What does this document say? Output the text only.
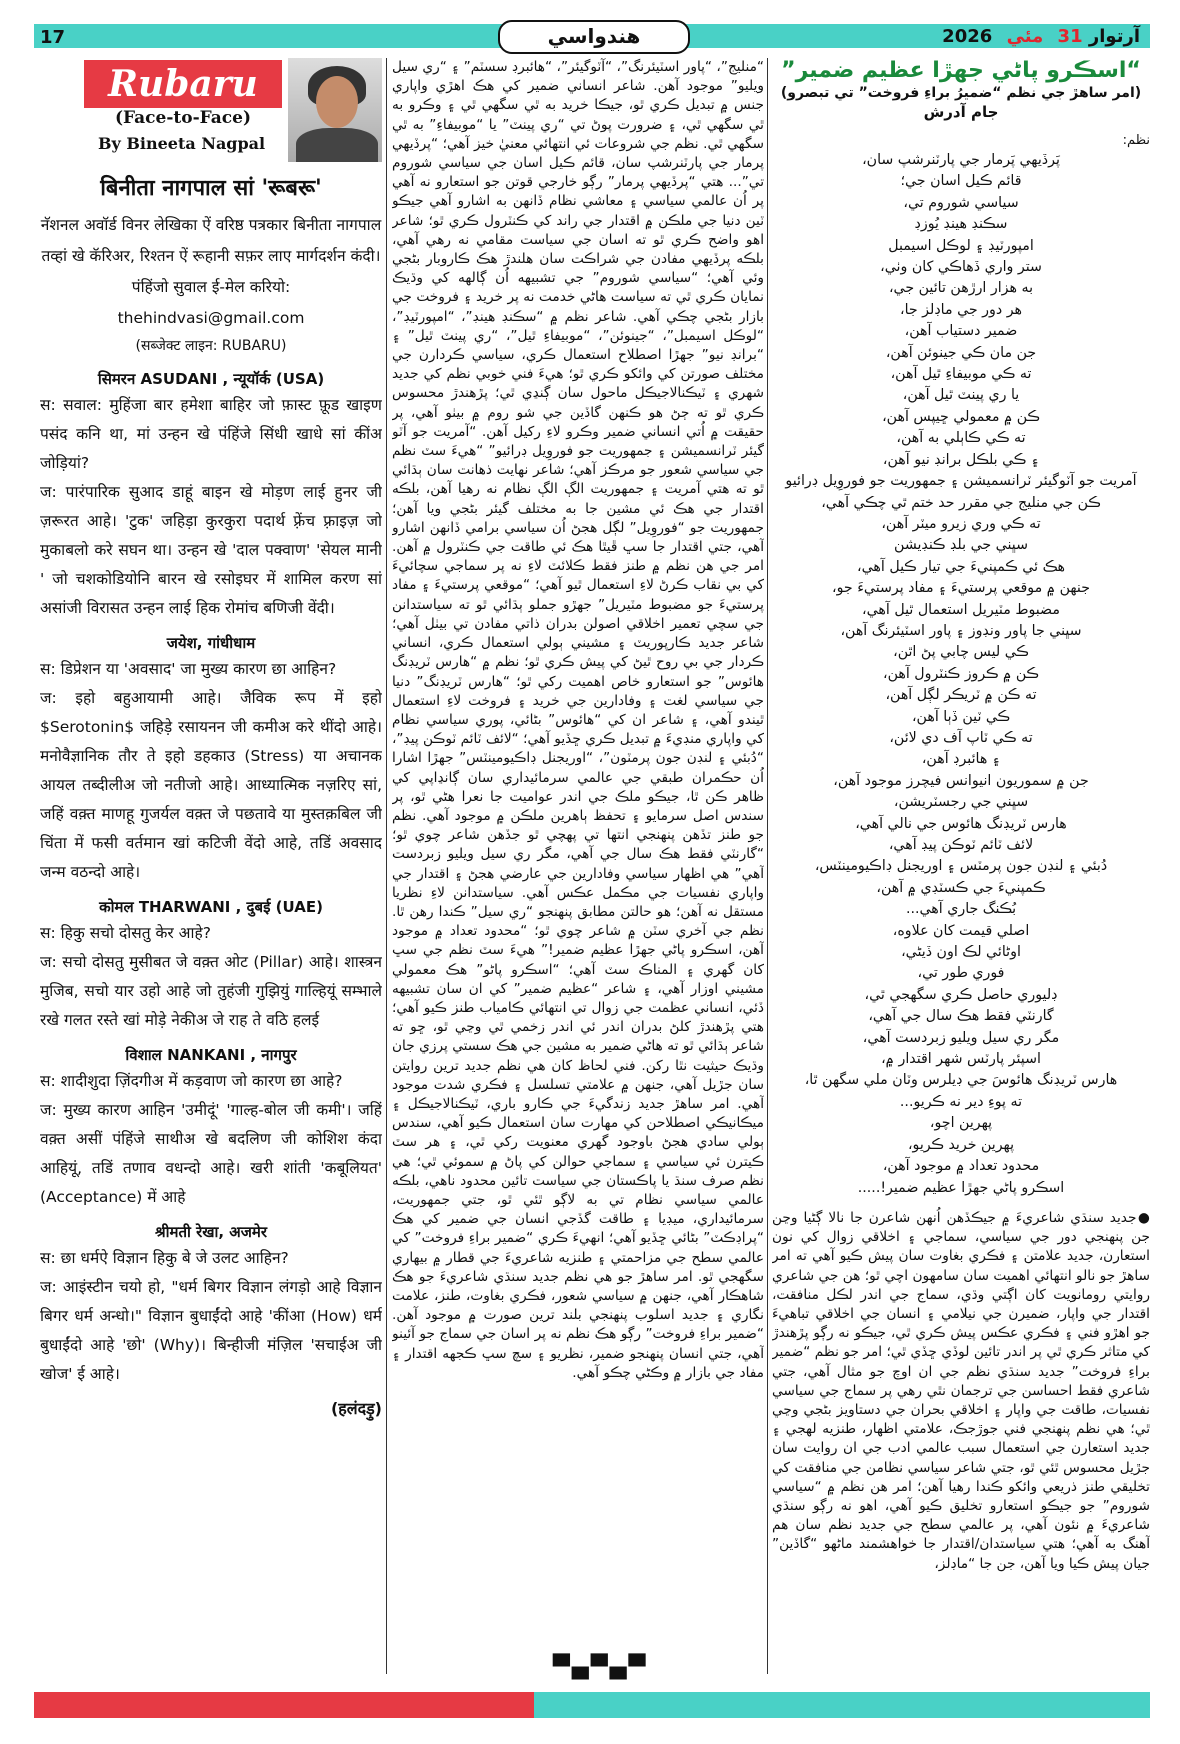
17	هندواسي	آرتوار 31 مئي 2026
Rubaru
(Face-to-Face)
By Bineeta Nagpal
बिनीता नागपाल सां 'रूबरू'

नॅशनल अवॉर्ड विनर लेखिका ऐं वरिष्ठ पत्रकार बिनीता नागपाल तव्हां खे कॅरिअर, रिश्तन ऐं रूहानी सफ़र लाए मार्गदर्शन कंदी। पंहिंजो सुवाल ई-मेल करियो: thehindvasi@gmail.com

(सब्जेक्ट लाइन: RUBARU)

सिमरन ASUDANI , न्यूयॉर्क (USA)

स: सवाल: मुहिंजा बार हमेशा बाहिर जो फ़ास्ट फ़ूड खाइण पसंद कनि था, मां उन्हन खे पंहिंजे सिंधी खाधे सां कींअ जोड़ियां?

ज: पारंपारिक सुआद डाहूं बाइन खे मोड़ण लाई हुनर जी ज़रूरत आहे। 'टुक' जहिड़ा कुरकुरा पदार्थ फ़्रेंच फ़्राइज़ जो मुकाबलो करे सघन था। उन्हन खे 'दाल पक्वाण' 'सेयल मानी ' जो चशकोडियोनि बारन खे रसोइघर में शामिल करण सां असांजी विरासत उन्हन लाई हिक रोमांच बणिजी वेंदी।

जयेश, गांधीधाम

स: डिप्रेशन या 'अवसाद' जा मुख्य कारण छा आहिन?

ज: इहो बहुआयामी आहे। जैविक रूप में इहो $Serotonin$ जहिड़े रसायनन जी कमीअ करे थींदो आहे। मनोवैज्ञानिक तौर ते इहो डहकाउ (Stress) या अचानक आयल तब्दीलीअ जो नतीजो आहे। आध्यात्मिक नज़रिए सां, जहिं वक़्त माणहू गुजर्यल वक़्त जे पछतावे या मुस्तक़बिल जी चिंता में फसी वर्तमान खां कटिजी वेंदो आहे, तडिं अवसाद जन्म वठन्दो आहे।

कोमल THARWANI , दुबई (UAE)

स: हिकु सचो दोसतु केर आहे?

ज: सचो दोसतु मुसीबत जे वक़्त ओट (Pillar) आहे। शास्त्रन मुजिब, सचो यार उहो आहे जो तुहंजी गुझियुं गाल्हियूं सम्भाले रखे गलत रस्ते खां मोड़े नेकीअ जे राह ते वठि हलई

विशाल NANKANI , नागपुर

स: शादीशुदा ज़िंदगीअ में कड़वाण जो कारण छा आहे?

ज: मुख्य कारण आहिन 'उमीदूं' 'गाल्ह-बोल जी कमी'। जहिं वक़्त असीं पंहिंजे साथीअ खे बदलिण जी कोशिश कंदा आहियूं, तडिं तणाव वधन्दो आहे। खरी शांती 'कबूलियत' (Acceptance) में आहे

श्रीमती रेखा, अजमेर

स: छा धर्मऐ विज्ञान हिकु बे जे उलट आहिन?

ज: आइंस्टीन चयो हो, "धर्म बिगर विज्ञान लंगड़ो आहे विज्ञान बिगर धर्म अन्धो।" विज्ञान बुधाईंदो आहे 'कींआ (How) धर्म बुधाईंदो आहे 'छो' (Why)। बिन्हीजी मंज़िल 'सचाईअ जी खोज' ई आहे।

(हलंदड़ु)

“منليج”، “پاور اسٽيئرنگ”، “آٽوگيئر”، “هائبرڊ سسٽم” ۽ “ري سيل ويليو” موجود آهن. شاعر انساني ضمير کي هڪ اهڙي واپاري جنس ۾ تبديل ڪري ٿو، جيڪا خريد به ٿي سگهي ٿي ۽ وڪرو به ٿي سگهي ٿي، ۽ ضرورت پوڻ تي “ري پينٽ” يا “موبيفاءِ” به ٿي سگهي ٿي. نظم جي شروعات ئي انتهائي معنيٰ خيز آهي؛ “پرڏيهي پرمار جي پارٽنرشپ سان، قائم ڪيل اسان جي سياسي شوروم تي”... هتي “پرڏيهي پرمار” رڳو خارجي قوتن جو استعارو نه آهي پر اُن عالمي سياسي ۽ معاشي نظام ڏانهن به اشارو آهي جيڪو ٽين دنيا جي ملڪن ۾ اقتدار جي راند کي ڪنٽرول ڪري ٿو؛ شاعر اهو واضح ڪري ٿو ته اسان جي سياست مقامي نه رهي آهي، بلڪه پرڏيهي مفادن جي شراڪت سان هلندڙ هڪ ڪاروبار بڻجي وئي آهي؛ “سياسي شوروم” جي تشبيهه اُن ڳالهه کي وڌيڪ نمايان ڪري ٿي ته سياست هاڻي خدمت نه پر خريد ۽ فروخت جي بازار بڻجي چڪي آهي. شاعر نظم ۾ “سڪنڊ هينڊ”، “امپورٽيڊ”، “لوڪل اسيمبل”، “جينوئن”، “موبيفاءِ ٿيل”، “ري پينٽ ٿيل” ۽ “برانڊ نيو” جهڙا اصطلاح استعمال ڪري، سياسي ڪردارن جي مختلف صورتن کي وائکو ڪري ٿو؛ هيءَ فني خوبي نظم کي جديد شهري ۽ ٽيڪنالاجيڪل ماحول سان ڳنڍي ٿي؛ پڙهندڙ محسوس ڪري ٿو ته ڄڻ هو ڪنهن گاڏين جي شو روم ۾ بيٺو آهي، پر حقيقت ۾ اُتي انساني ضمير وڪرو لاءِ رکيل آهن. “آمريت جو آٽو گيئر ٽرانسميشن ۽ جمهوريت جو فوروِيل ڊرائيو” “هيءَ سٽ نظم جي سياسي شعور جو مرڪز آهي؛ شاعر نهايت ذهانت سان ٻڌائي ٿو ته هتي آمريت ۽ جمهوريت الڳ الڳ نظام نه رهيا آهن، بلڪه اقتدار جي هڪ ئي مشين جا به مختلف گيئر بڻجي ويا آهن؛ جمهوريت جو “فوروِيل” لڳل هجڻ اُن سياسي برامي ڏانهن اشارو آهي، جتي اقتدار جا سڀ ڦيٿا هڪ ئي طاقت جي ڪنٽرول ۾ آهن. امر جي هن نظم ۾ طنز فقط ڪلائٽ لاءِ نه پر سماجي سچائيءَ کي بي نقاب ڪرڻ لاءِ استعمال ٿيو آهي؛ “موقعي پرستيءَ ۽ مفاد پرستيءَ جو مضبوط مٽيريل” جهڙو جملو ٻڌائي ٿو ته سياستدانن جي سچي تعمير اخلاقي اصولن بدران ذاتي مفادن تي بيٺل آهي؛ شاعر جديد ڪارپوريٽ ۽ مشيني ٻولي استعمال ڪري، انساني ڪردار جي بي روح ٿيڻ کي پيش ڪري ٿو؛ نظم ۾ “هارس ٽريڊنگ هائوس” جو استعارو خاص اهميت رکي ٿو؛ “هارس ٽريڊنگ” دنيا جي سياسي لغت ۽ وفادارين جي خريد ۽ فروخت لاءِ استعمال ٿيندو آهي، ۽ شاعر ان کي “هائوس” بڻائي، پوري سياسي نظام کي واپاري منڊيءَ ۾ تبديل ڪري ڇڏيو آهي؛ “لائف ٽائم ٽوڪن پيڊ”، “دُبئي ۽ لنڊن جون پرمٽون”، “اوريجنل ڊاڪيومينٽس” جهڙا اشارا اُن حڪمران طبقي جي عالمي سرمائيداري سان ڳانڍاپي کي ظاهر ڪن ٿا، جيڪو ملڪ جي اندر عواميت جا نعرا هڻي ٿو، پر سندس اصل سرمايو ۽ تحفظ ٻاهرين ملڪن ۾ موجود آهي. نظم جو طنز تڏهن پنهنجي انتها تي پهچي ٿو جڏهن شاعر چوي ٿو؛ “گارنٽي فقط هڪ سال جي آهي، مگر ري سيل ويليو زبردست آهي” هي اظهار سياسي وفادارين جي عارضي هجڻ ۽ اقتدار جي واپاري نفسيات جي مڪمل عڪس آهي. سياستدانن لاءِ نظريا مستقل نه آهن؛ هو حالتن مطابق پنهنجو “ري سيل” ڪندا رهن ٿا. نظم جي آخري سٽن ۾ شاعر چوي ٿو؛ “محدود تعداد ۾ موجود آهن، اسڪرو پاڻي جهڙا عظيم ضمير!” هيءَ سٽ نظم جي سڀ کان گهري ۽ المناڪ سٽ آهي؛ “اسڪرو پاڻو” هڪ معمولي مشيني اوزار آهي، ۽ شاعر “عظيم ضمير” کي ان سان تشبيهه ڏئي، انساني عظمت جي زوال تي انتهائي ڪامياب طنز ڪيو آهي؛ هتي پڙهندڙ کلڻ بدران اندر ئي اندر زخمي ٿي وڃي ٿو، ڇو ته شاعر ٻڌائي ٿو ته هاڻي ضمير به مشين جي هڪ سستي پرزي جان وڌيڪ حيثيت نٿا رکن. فني لحاظ کان هي نظم جديد ترين روايتن سان جڙيل آهي، جنهن ۾ علامتي تسلسل ۽ فڪري شدت موجود آهي. امر ساهڙ جديد زندگيءَ جي ڪارو باري، ٽيڪنالاجيڪل ۽ ميڪانيڪي اصطلاحن کي مهارت سان استعمال ڪيو آهي، سندس ٻولي سادي هجڻ باوجود گهري معنويت رکي ٿي، ۽ هر سٽ ڪيترن ئي سياسي ۽ سماجي حوالن کي پاڻ ۾ سموئي ٿي؛ هي نظم صرف سنڌ يا پاڪستان جي سياست تائين محدود ناهي، بلڪه عالمي سياسي نظام تي به لاڳو ٿئي ٿو، جتي جمهوريت، سرمائيداري، ميڊيا ۽ طاقت گڏجي انسان جي ضمير کي هڪ “پراڊڪٽ” بڻائي ڇڏيو آهي؛ انهيءَ ڪري “ضمير براءِ فروخت” کي عالمي سطح جي مزاحمتي ۽ طنزيه شاعريءَ جي قطار ۾ بيهاري سگهجي ٿو. امر ساهڙ جو هي نظم جديد سنڌي شاعريءَ جو هڪ شاهڪار آهي، جنهن ۾ سياسي شعور، فڪري بغاوت، طنز، علامت نگاري ۽ جديد اسلوب پنهنجي بلند ترين صورت ۾ موجود آهن. “ضمير براءِ فروخت” رڳو هڪ نظم نه پر اسان جي سماج جو آئينو آهي، جتي انسان پنهنجو ضمير، نظريو ۽ سچ سڀ ڪجهه اقتدار ۽ مفاد جي بازار ۾ وڪڻي چڪو آهي.

“اسڪرو پاڻي جهڙا عظيم ضمير”

(امر ساهڙ جي نظم “ضميرُ براءِ فروخت” تي تبصرو)

جام آدرش

نظم:

پَرڏيهي پَرمار جي پارٽنرشپ سان،
قائم ڪيل اسان جي؛
سياسي شوروم تي،
سڪنڊ هينڊ يُوزڊ
امپورٽيڊ ۽ لوڪل اسيمبل
ستر واري ڏهاڪي کان وٺي،
به هزار ارڙهن تائين جي،
هر دور جي ماڊلز جا،
ضمير دستياب آهن،
جن مان ڪي جينوئن آهن،
ته ڪي موبيفاءِ ٿيل آهن،
يا ري پينٽ ٿيل آهن،
ڪن ۾ معمولي ڇيپس آهن،
ته ڪي ڪاٻلي به آهن،
۽ ڪي بلڪل برانڊ نيو آهن،
آمريت جو آٽوگيئر ٽرانسميشن ۽ جمهوريت جو فوروِيل ڊرائيو
ڪن جي منليج جي مقرر حد ختم ٿي چڪي آهي،
ته ڪي وري زيرو ميٽر آهن،
سڀني جي بلڊ ڪنڊيشن
هڪ ئي ڪمپنيءَ جي تيار ڪيل آهي،
جنهن ۾ موقعي پرستيءَ ۽ مفاد پرستيءَ جو،
مضبوط مٽيريل استعمال ٿيل آهي،
سڀني جا پاور ونڊوز ۽ پاور اسٽيئرنگ آهن،
ڪي ليس چابي پڻ اٿن،
ڪن ۾ ڪروز ڪنٽرول آهن،
ته ڪن ۾ ٽريڪر لڳل آهن،
ڪي ٽين ڏٻا آهن،
ته ڪي ٽاپ آف دي لائن،
۽ هائبرڊ آهن،
جن ۾ سموريون انيوانس فيچرز موجود آهن،
سڀني جي رجسٽريشن،
هارس ٽريڊنگ هائوس جي نالي آهي،
لائف ٽائم ٽوڪن پيڊ آهي،
دُبئي ۽ لنڊن جون پرمٽس ۽ اوريجنل ڊاڪيومينٽس،
ڪمپنيءَ جي ڪسٽڊي ۾ آهن،
بُڪنگ جاري آهي...
اصلي قيمت کان علاوه،
اوڻائي لڪ اون ڏيڻي،
فوري طور تي،
ڊليوري حاصل ڪري سگهجي ٿي،
گارنٽي فقط هڪ سال جي آهي،
مگر ري سيل ويليو زبردست آهي،
اسپئر پارٽس شهر اقتدار ۾،
هارس ٽريڊنگ هائوسَ جي ڊيلرس وٽان ملي سگهن ٿا،
ته پوءِ دير نه ڪريو...
پهرين اچو،
پهرين خريد ڪريو،
محدود تعداد ۾ موجود آهن،
اسڪرو پاڻي جهڙا عظيم ضمير!.....
●جديد سنڌي شاعريءَ ۾ جيڪڏهن اُنهن شاعرن جا نالا ڳڻيا وڃن جن پنهنجي دور جي سياسي، سماجي ۽ اخلاقي زوال کي نون استعارن، جديد علامتن ۽ فڪري بغاوت سان پيش ڪيو آهي ته امر ساهڙ جو نالو انتهائي اهميت سان سامهون اچي ٿو؛ هن جي شاعري روايتي رومانويت کان اڳتي وڌي، سماج جي اندر لڪل منافقت، اقتدار جي واپار، ضميرن جي نيلامي ۽ انسان جي اخلاقي تباهيءَ جو اهڙو فني ۽ فڪري عڪس پيش ڪري ٿي، جيڪو نه رڳو پڙهندڙ کي متاثر ڪري ٿي پر اندر تائين لوڏي ڇڏي ٿي؛ امر جو نظم “ضمير براءِ فروخت” جديد سنڌي نظم جي ان اوچ جو مثال آهي، جتي شاعري فقط احساسن جي ترجمان نٿي رهي پر سماج جي سياسي نفسيات، طاقت جي واپار ۽ اخلاقي بحران جي دستاويز بڻجي وڃي ٿي؛ هي نظم پنهنجي فني جوڙجڪ، علامتي اظهار، طنزيه لهجي ۽ جديد استعارن جي استعمال سبب عالمي ادب جي ان روايت سان جڙيل محسوس ٿئي ٿو، جتي شاعر سياسي نظامن جي منافقت کي تخليقي طنز ذريعي وائکو ڪندا رهيا آهن؛ امر هن نظم ۾ “سياسي شوروم” جو جيڪو استعارو تخليق ڪيو آهي، اهو نه رڳو سنڌي شاعريءَ ۾ نئون آهي، پر عالمي سطح جي جديد نظم سان هم آهنگ به آهي؛ هتي سياستدان/اقتدار جا خواهشمند ماڻهو “گاڏين” جيان پيش ڪيا ويا آهن، جن جا “ماڊلز،
▀▄▀▄▀
